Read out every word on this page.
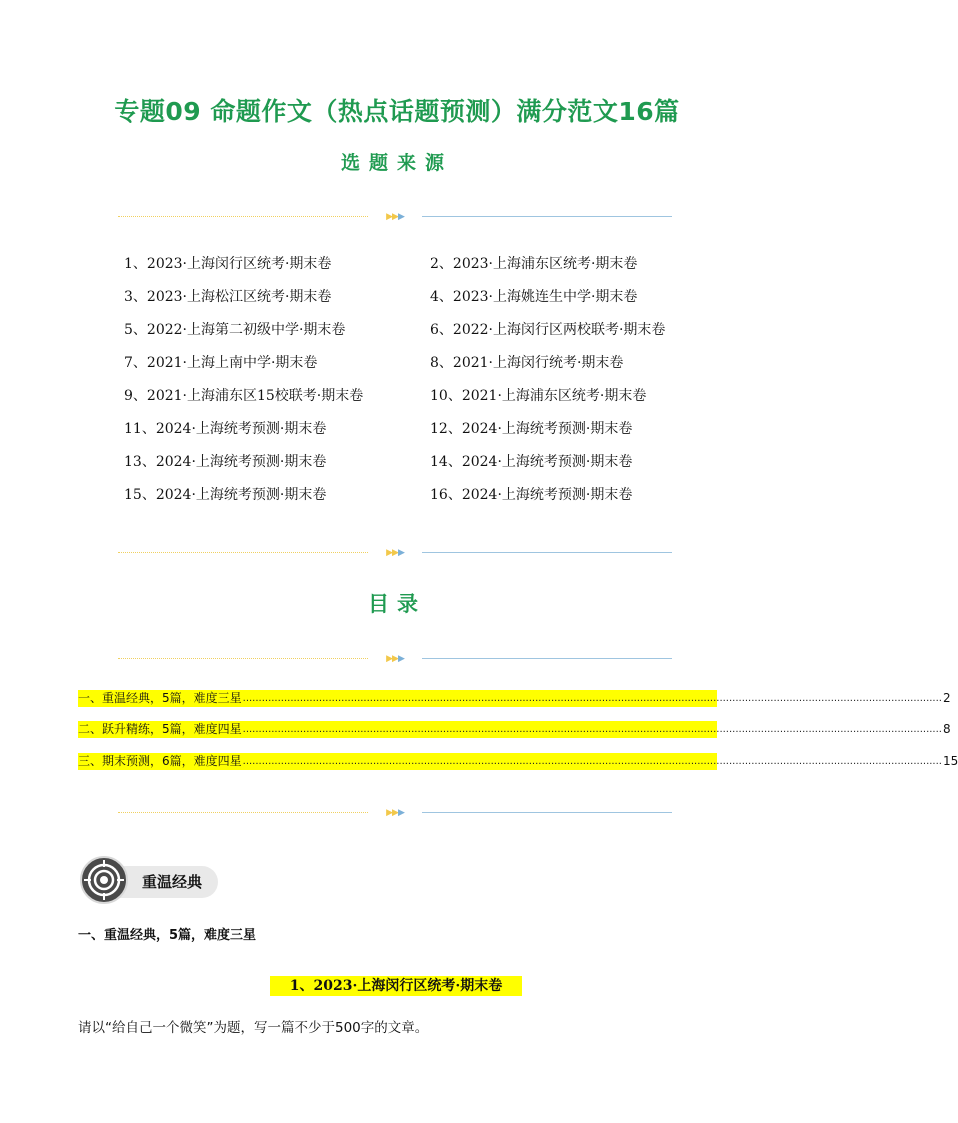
专题09 命题作文（热点话题预测）满分范文16篇
选题来源
▶▶▶
1、2023·上海闵行区统考·期末卷	2、2023·上海浦东区统考·期末卷
3、2023·上海松江区统考·期末卷	4、2023·上海姚连生中学·期末卷
5、2022·上海第二初级中学·期末卷	6、2022·上海闵行区两校联考·期末卷
7、2021·上海上南中学·期末卷	8、2021·上海闵行统考·期末卷
9、2021·上海浦东区15校联考·期末卷	10、2021·上海浦东区统考·期末卷
11、2024·上海统考预测·期末卷	12、2024·上海统考预测·期末卷
13、2024·上海统考预测·期末卷	14、2024·上海统考预测·期末卷
15、2024·上海统考预测·期末卷	16、2024·上海统考预测·期末卷
▶▶▶
目录
▶▶▶
一、重温经典，5篇，难度三星 ............................................................................................................................................................................................................................ 2
二、跃升精练，5篇，难度四星 ............................................................................................................................................................................................................................ 8
三、期末预测，6篇，难度四星 ............................................................................................................................................................................................................................ 15
▶▶▶
重温经典
一、重温经典，5篇，难度三星
1、2023·上海闵行区统考·期末卷
请以“给自己一个微笑”为题，写一篇不少于500字的文章。
